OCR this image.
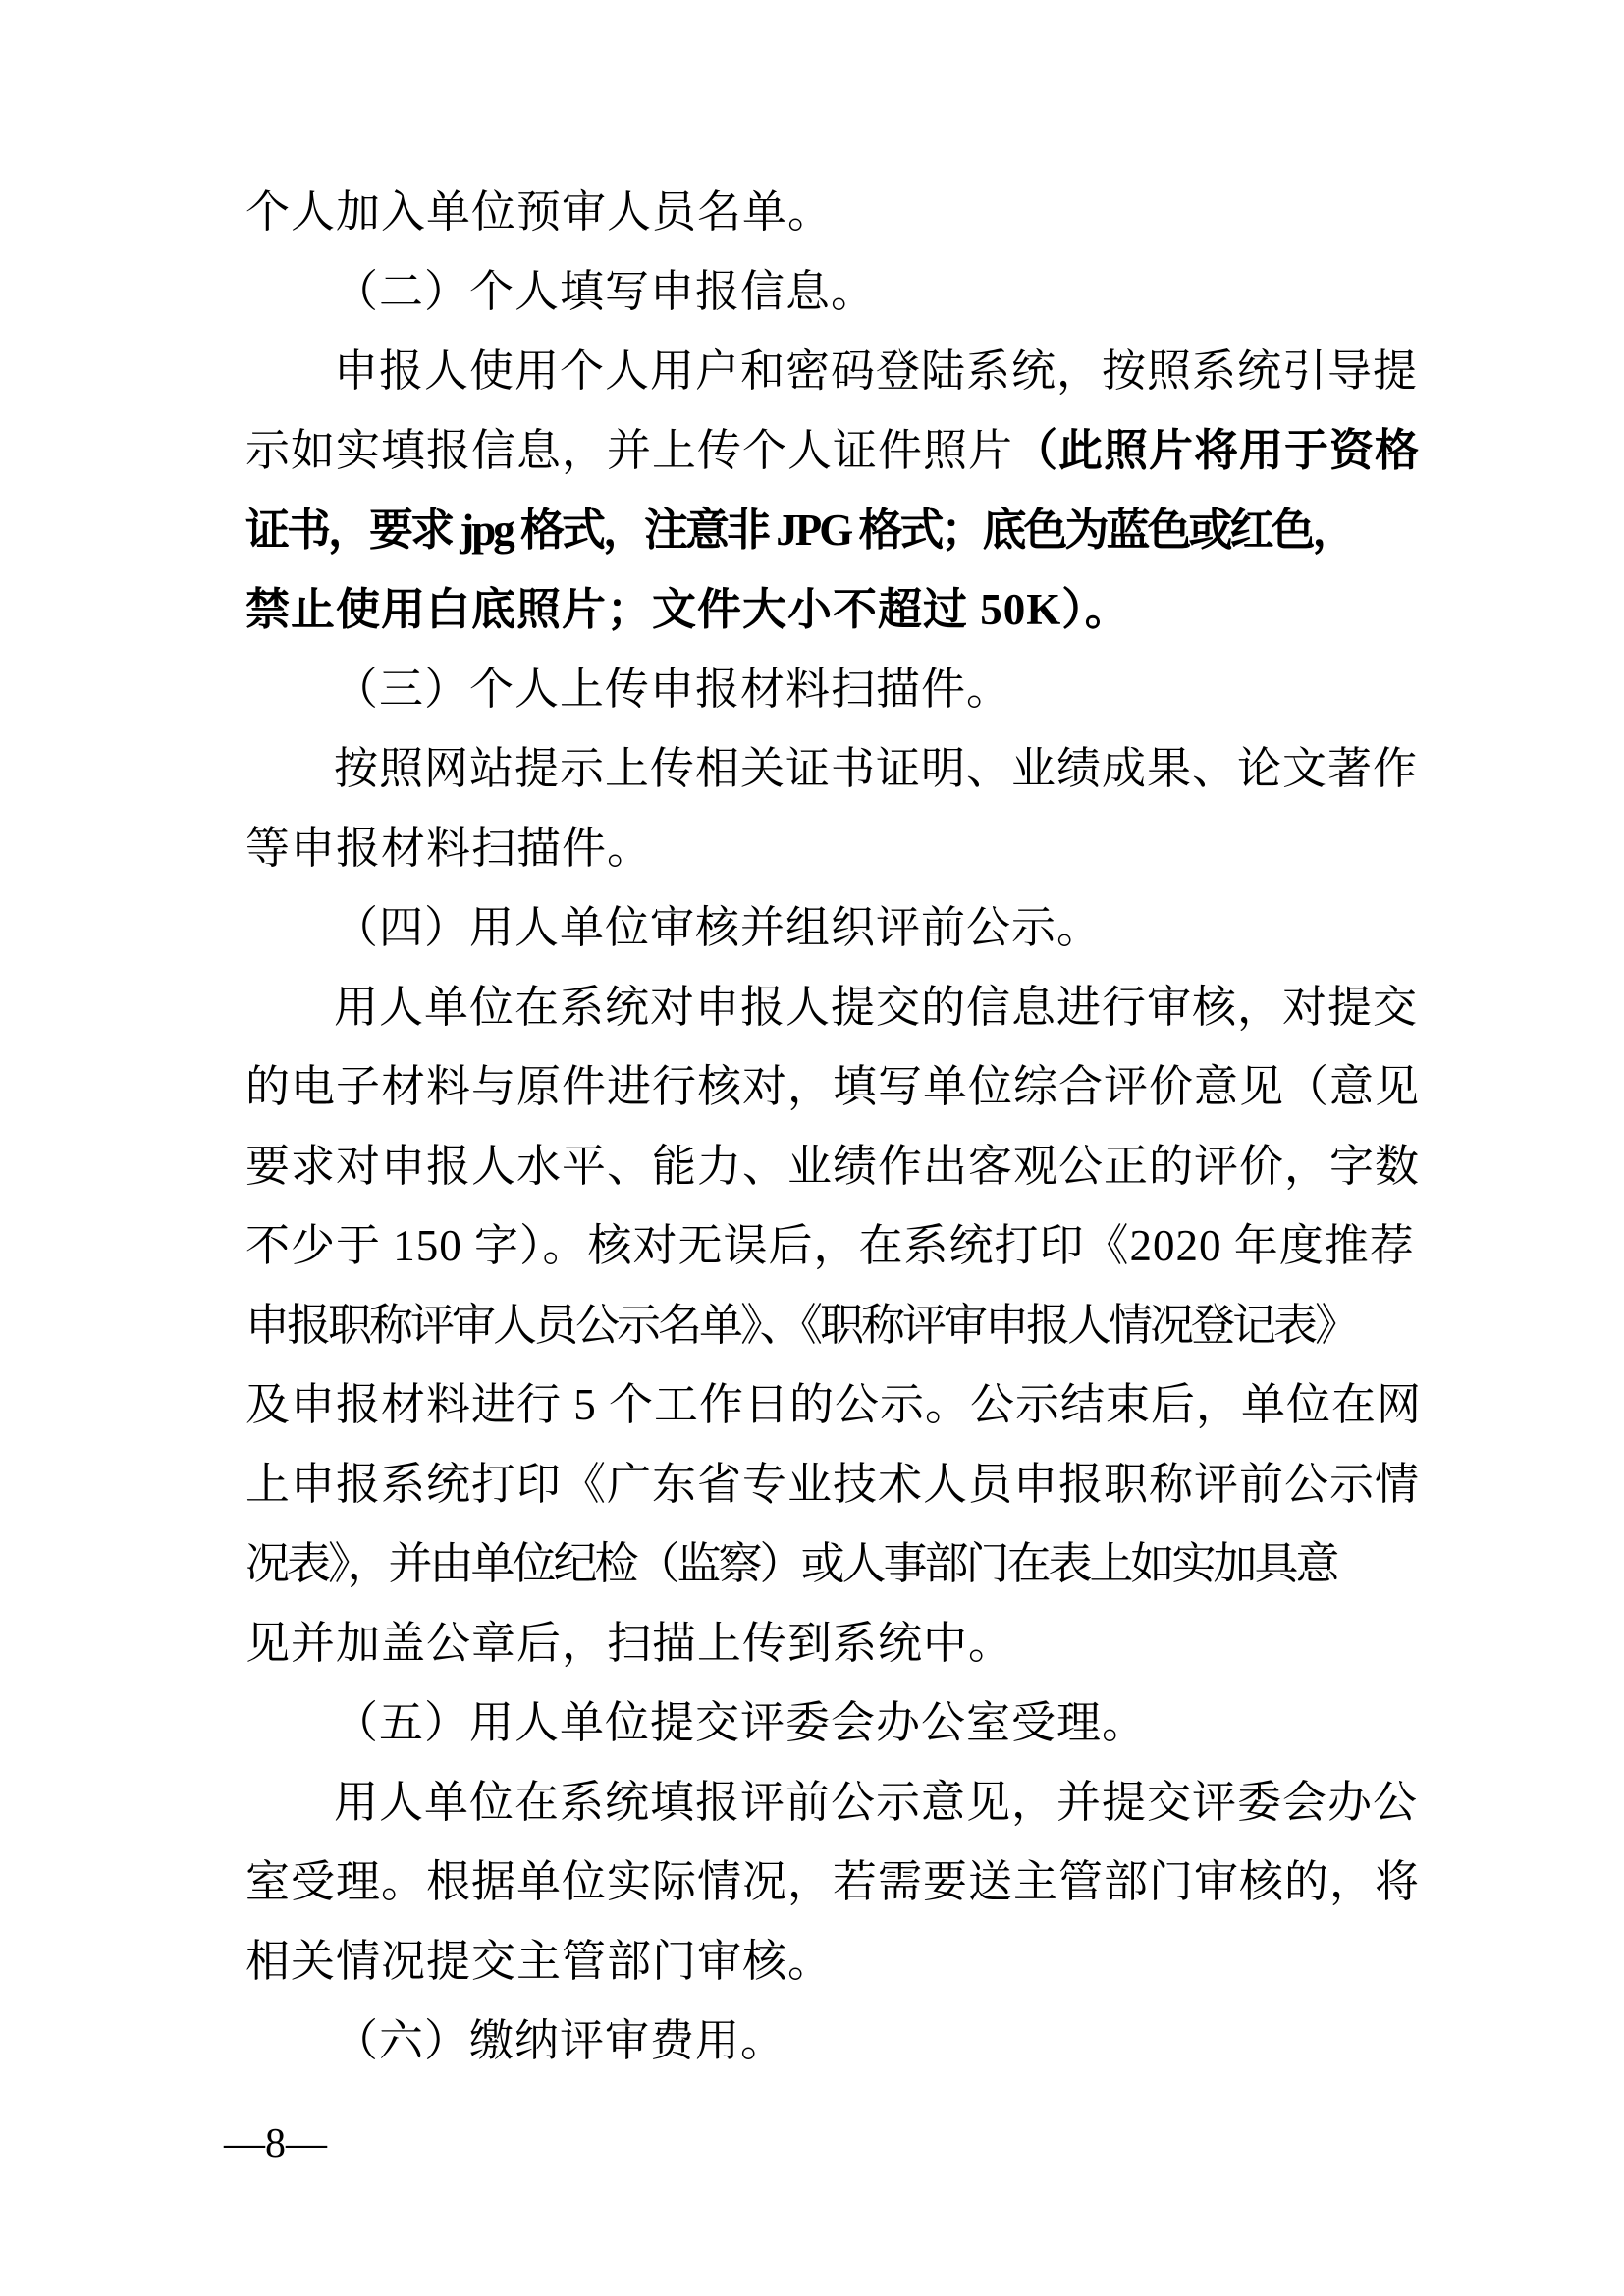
个人加入单位预审人员名单。
（二）个人填写申报信息。
申报人使用个人用户和密码登陆系统，按照系统引导提
示如实填报信息，并上传个人证件照片（此照片将用于资格
证书，要求 jpg 格式，注意非 JPG 格式；底色为蓝色或红色，
禁止使用白底照片；文件大小不超过 50K）。
（三）个人上传申报材料扫描件。
按照网站提示上传相关证书证明、业绩成果、论文著作
等申报材料扫描件。
（四）用人单位审核并组织评前公示。
用人单位在系统对申报人提交的信息进行审核，对提交
的电子材料与原件进行核对，填写单位综合评价意见（意见
要求对申报人水平、能力、业绩作出客观公正的评价，字数
不少于 150 字）。核对无误后，在系统打印《2020 年度推荐
申报职称评审人员公示名单》、《职称评审申报人情况登记表》
及申报材料进行 5 个工作日的公示。公示结束后，单位在网
上申报系统打印《广东省专业技术人员申报职称评前公示情
况表》，并由单位纪检（监察）或人事部门在表上如实加具意
见并加盖公章后，扫描上传到系统中。
（五）用人单位提交评委会办公室受理。
用人单位在系统填报评前公示意见，并提交评委会办公
室受理。根据单位实际情况，若需要送主管部门审核的，将
相关情况提交主管部门审核。
（六）缴纳评审费用。
—8—
